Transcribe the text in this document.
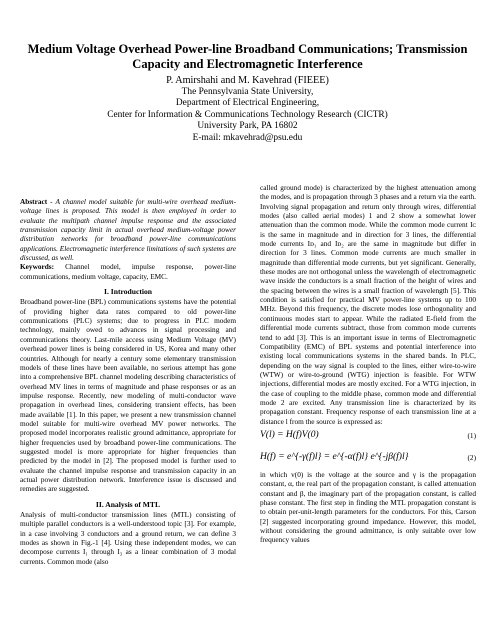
Medium Voltage Overhead Power-line Broadband Communications; Transmission
Capacity and Electromagnetic Interference
P. Amirshahi and M. Kavehrad (FIEEE)
The Pennsylvania State University,
Department of Electrical Engineering,
Center for Information & Communications Technology Research (CICTR)
University Park, PA 16802
E-mail: mkavehrad@psu.edu

Abstract - A channel model suitable for multi-wire overhead medium-voltage lines is proposed. This model is then employed in order to evaluate the multipath channel impulse response and the associated transmission capacity limit in actual overhead medium-voltage power distribution networks for broadband power-line communications applications. Electromagnetic interference limitations of such systems are discussed, as well.

Keywords: Channel model, impulse response, power-line communications, medium voltage, capacity, EMC.

I. Introduction

Broadband power-line (BPL) communications systems have the potential of providing higher data rates compared to old power-line communications (PLC) systems; due to progress in PLC modem technology, mainly owed to advances in signal processing and communications theory. Last-mile access using Medium Voltage (MV) overhead power lines is being considered in US, Korea and many other countries. Although for nearly a century some elementary transmission models of these lines have been available, no serious attempt has gone into a comprehensive BPL channel modeling describing characteristics of overhead MV lines in terms of magnitude and phase responses or as an impulse response. Recently, new modeling of multi-conductor wave propagation in overhead lines, considering transient effects, has been made available [1]. In this paper, we present a new transmission channel model suitable for multi-wire overhead MV power networks. The proposed model incorporates realistic ground admittance, appropriate for higher frequencies used by broadband power-line communications. The suggested model is more appropriate for higher frequencies than predicted by the model in [2]. The proposed model is further used to evaluate the channel impulse response and transmission capacity in an actual power distribution network. Interference issue is discussed and remedies are suggested.

II. Analysis of MTL

Analysis of multi-conductor transmission lines (MTL) consisting of multiple parallel conductors is a well-understood topic [3]. For example, in a case involving 3 conductors and a ground return, we can define 3 modes as shown in Fig.-1 [4]. Using these independent modes, we can decompose currents I₁ through I₃ as a linear combination of 3 modal currents. Common mode (also

called ground mode) is characterized by the highest attenuation among the modes, and is propagation through 3 phases and a return via the earth. Involving signal propagation and return only through wires, differential modes (also called aerial modes) 1 and 2 show a somewhat lower attenuation than the common mode. While the common mode current Iᴄ is the same in magnitude and in direction for 3 lines, the differential mode currents Iᴅ₁ and Iᴅ₂ are the same in magnitude but differ in direction for 3 lines. Common mode currents are much smaller in magnitude than differential mode currents, but yet significant. Generally, these modes are not orthogonal unless the wavelength of electromagnetic wave inside the conductors is a small fraction of the height of wires and the spacing between the wires is a small fraction of wavelength [5]. This condition is satisfied for practical MV power-line systems up to 100 MHz. Beyond this frequency, the discrete modes lose orthogonality and continuous modes start to appear. While the radiated E-field from the differential mode currents subtract, those from common mode currents tend to add [3]. This is an important issue in terms of Electromagnetic Compatibility (EMC) of BPL systems and potential interference into existing local communications systems in the shared bands. In PLC, depending on the way signal is coupled to the lines, either wire-to-wire (WTW) or wire-to-ground (WTG) injection is feasible. For WTW injections, differential modes are mostly excited. For a WTG injection, in the case of coupling to the middle phase, common mode and differential mode 2 are excited. Any transmission line is characterized by its propagation constant. Frequency response of each transmission line at a distance l from the source is expressed as:

V(l) = H(f)V(0)	(1)
H(f) = e^{-γ(f)l} = e^{-α(f)l} e^{-jβ(f)l}	(2)

in which v(0) is the voltage at the source and γ is the propagation constant, α, the real part of the propagation constant, is called attenuation constant and β, the imaginary part of the propagation constant, is called phase constant. The first step in finding the MTL propagation constant is to obtain per-unit-length parameters for the conductors. For this, Carson [2] suggested incorporating ground impedance. However, this model, without considering the ground admittance, is only suitable over low frequency values
